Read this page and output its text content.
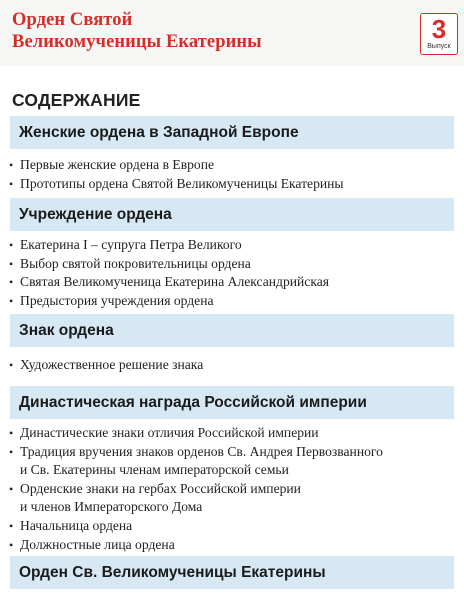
Орден Святой
Великомученицы Екатерины	3
Выпуск
СОДЕРЖАНИЕ
Женские ордена в Западной Европе
• Первые женские ордена в Европе
• Прототипы ордена Святой Великомученицы Екатерины
Учреждение ордена
• Екатерина I – супруга Петра Великого
• Выбор святой покровительницы ордена
• Святая Великомученица Екатерина Александрийская
• Предыстория учреждения ордена
Знак ордена
• Художественное решение знака
Династическая награда Российской империи
• Династические знаки отличия Российской империи
• Традиция вручения знаков орденов Св. Андрея Первозванного
и Св. Екатерины членам императорской семьи
• Орденские знаки на гербах Российской империи
и членов Императорского Дома
• Начальница ордена
• Должностные лица ордена
Орден Св. Великомученицы Екатерины
